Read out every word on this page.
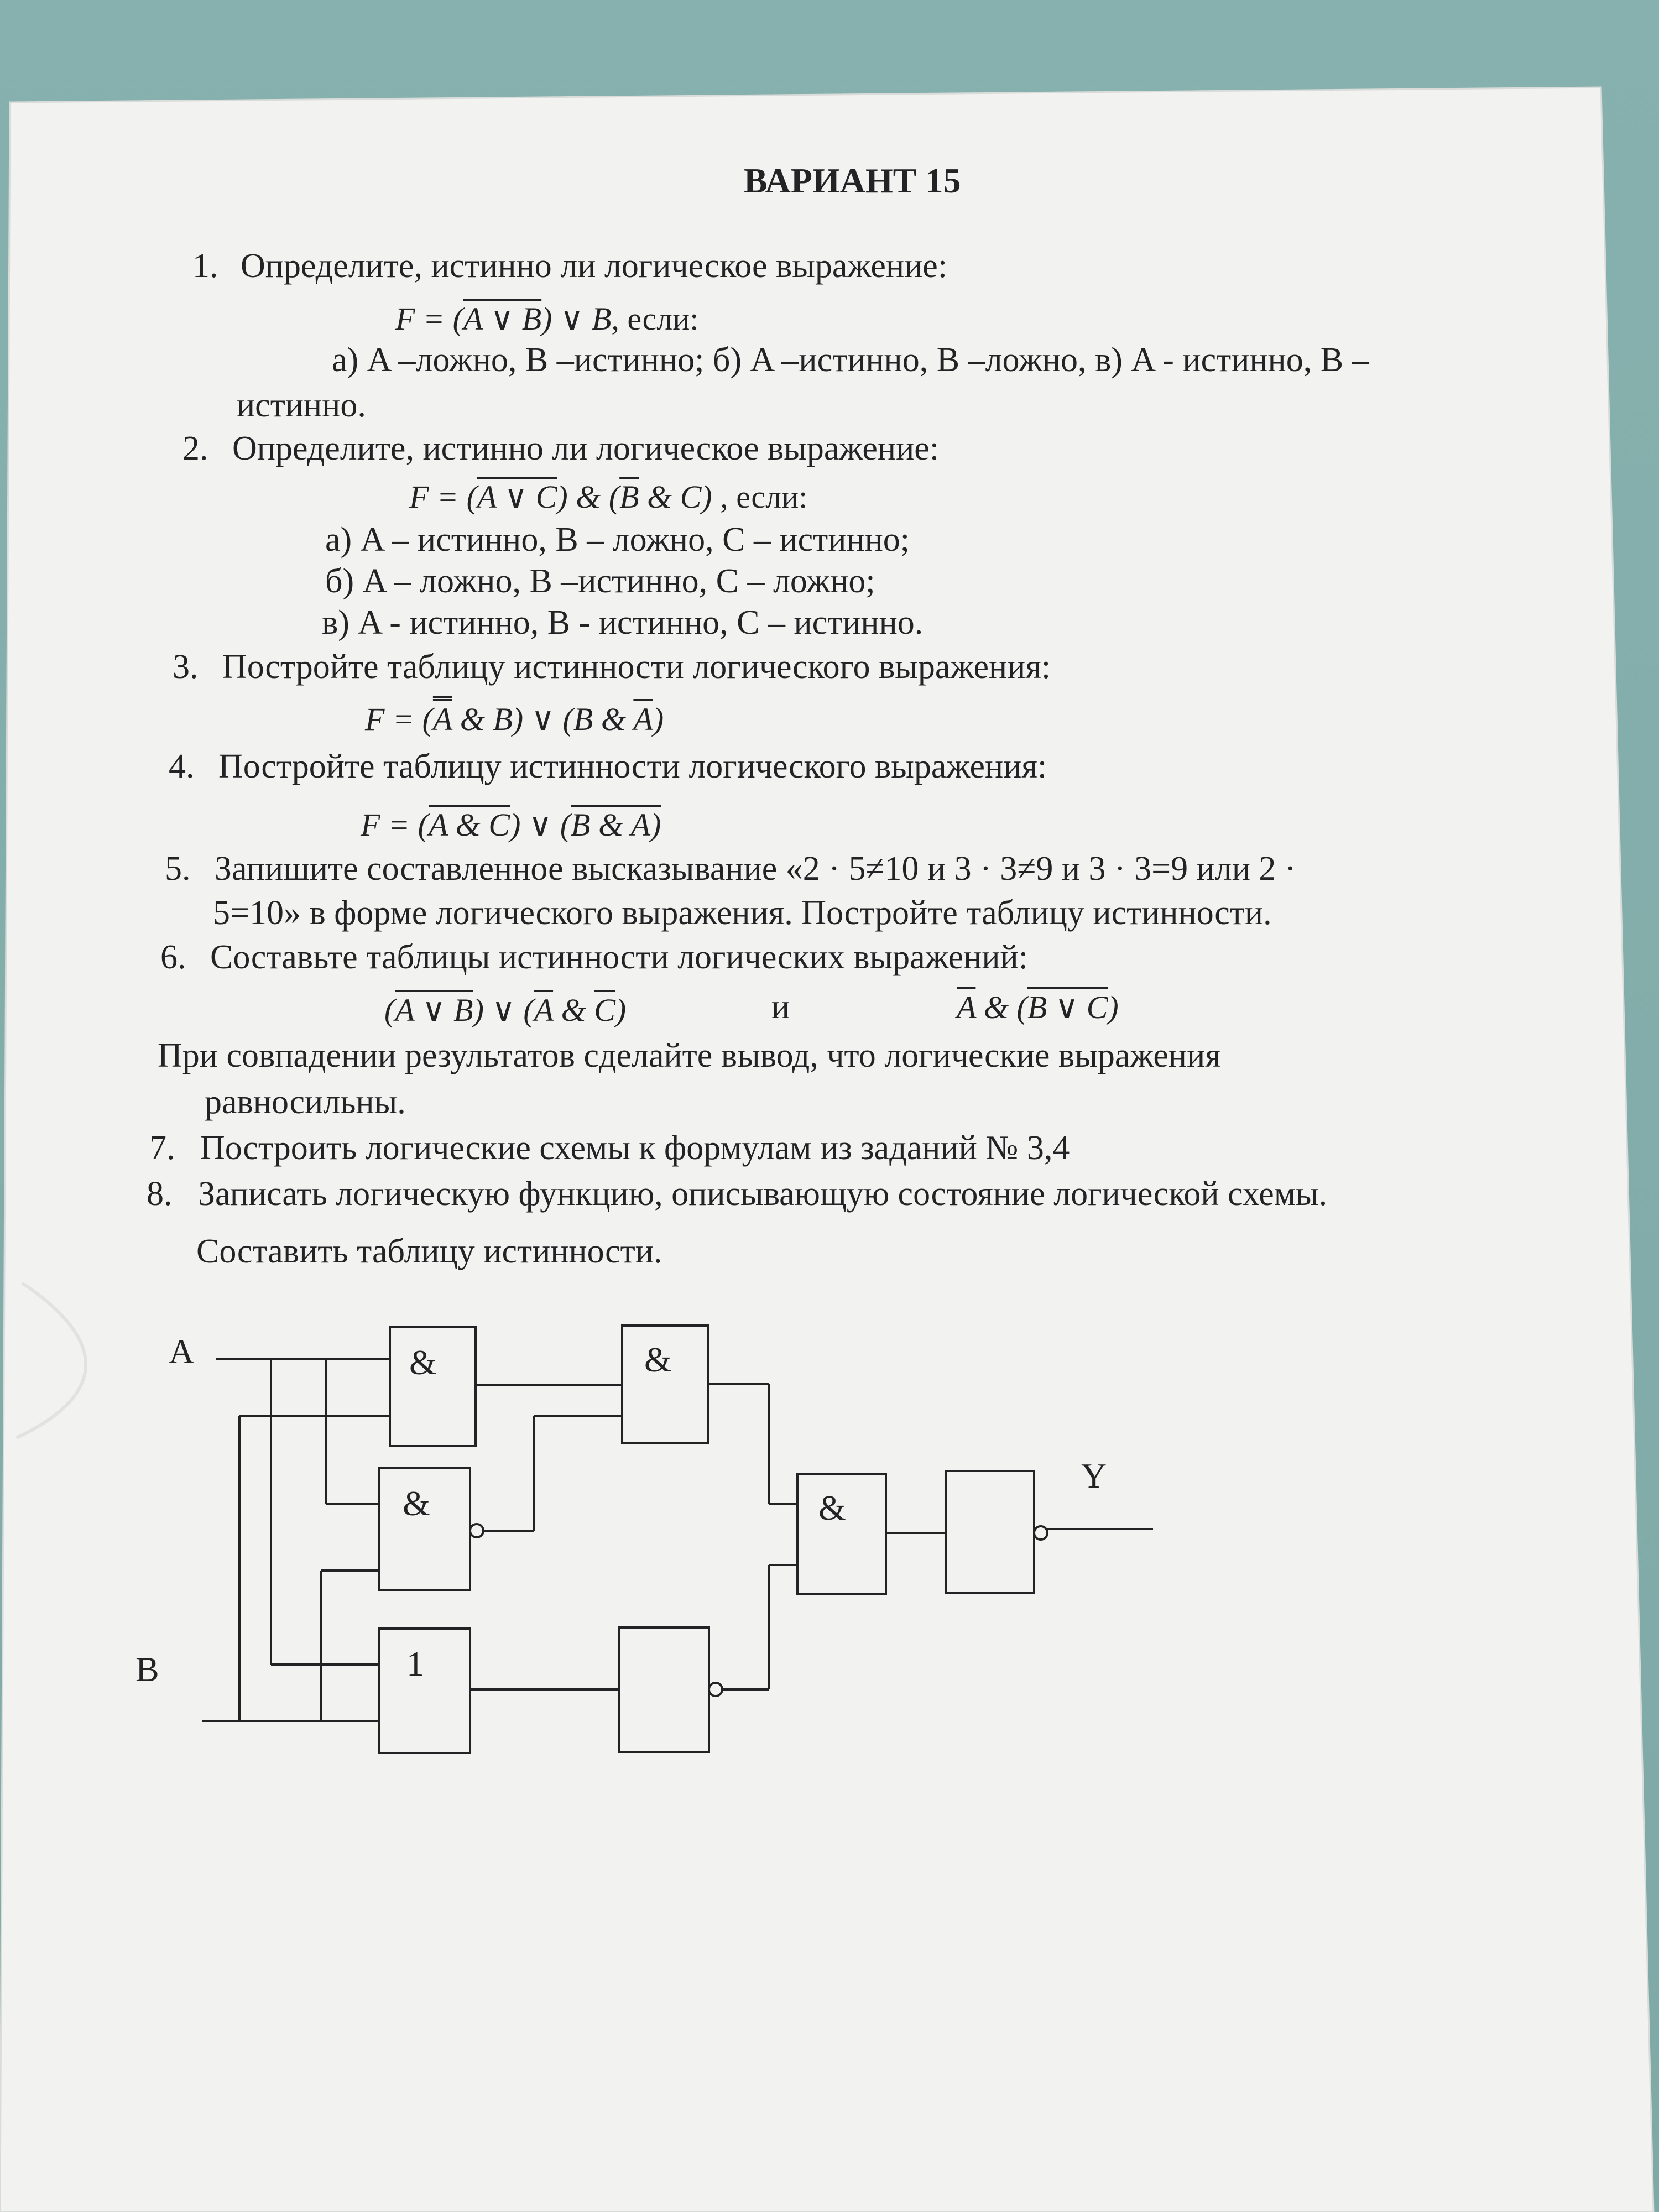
ВАРИАНТ 15
1. Определите, истинно ли логическое выражение:
F = (A ∨ $\overline{B}$) ∨ B, если:
а) A –ложно, B –истинно; б) A –истинно, B –ложно, в) A - истинно, B –
истинно.
2. Определите, истинно ли логическое выражение:
F = (A ∨ $\overline{C}$) & ($\overline{B}$ & C) , если:
а) A – истинно, B – ложно, C – истинно;
б) A – ложно, B –истинно, C – ложно;
в) A - истинно, B - истинно, C – истинно.
3. Постройте таблицу истинности логического выражения:
F = (A & B) ∨ (B & $\overline{A}$)
4. Постройте таблицу истинности логического выражения:
F = (A & C) ∨ ($\overline{B}$ & A)
5. Запишите составленное высказывание «2 · 5≠10 и 3 · 3≠9 и 3 · 3=9 или 2 ·
5=10» в форме логического выражения. Постройте таблицу истинности.
6. Составьте таблицы истинности логических выражений:
(A ∨ B) ∨ ($\overline{A}$ & $\overline{C}$)	и	$\overline{A}$ & (B ∨ C)
При совпадении результатов сделайте вывод, что логические выражения
равносильны.
7. Построить логические схемы к формулам из заданий № 3,4
8. Записать логическую функцию, описывающую состояние логической схемы.
Составить таблицу истинности.
A
B
Y
&
&
1
&
&
